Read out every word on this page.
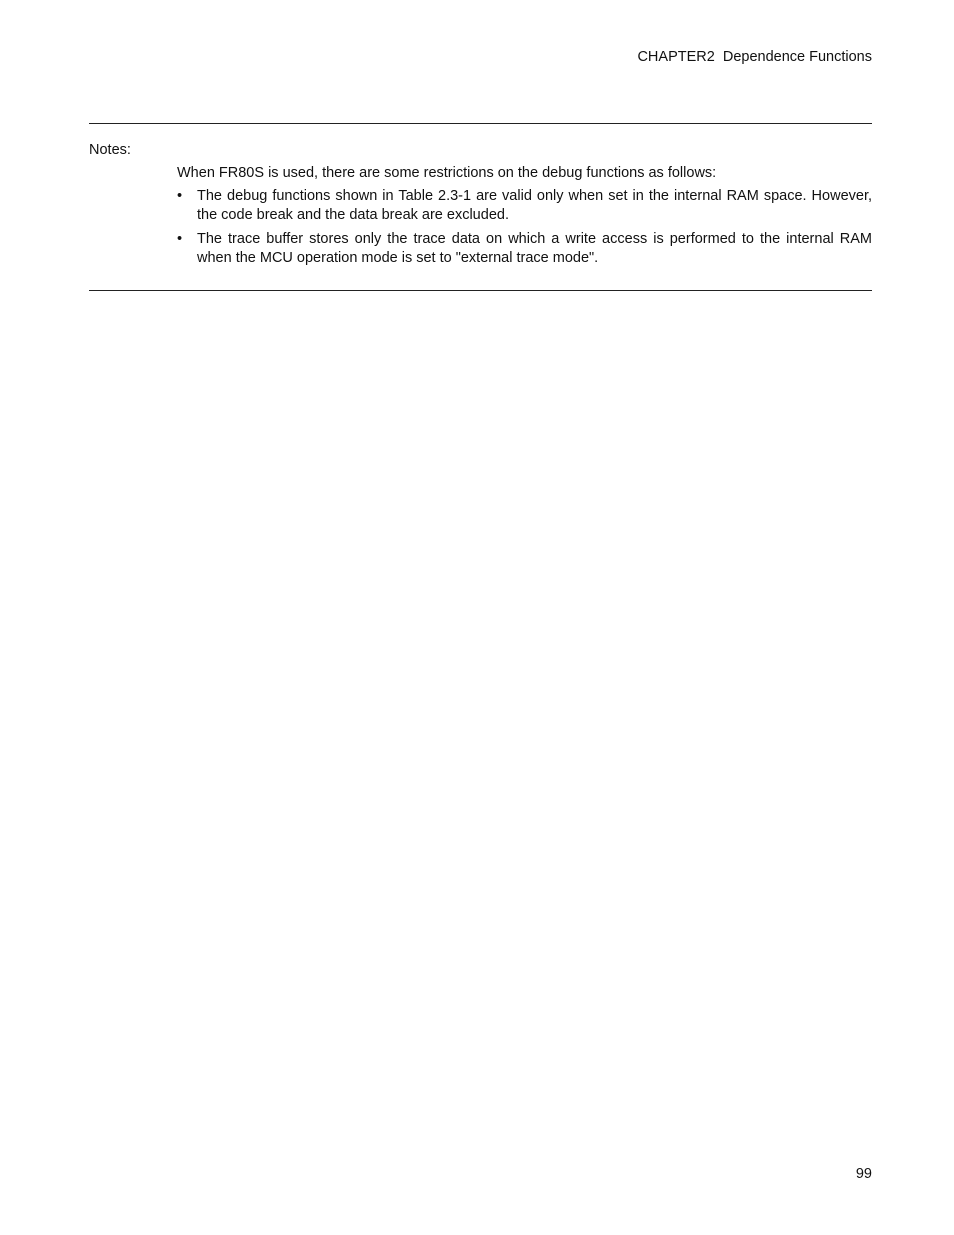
CHAPTER2  Dependence Functions
Notes:

When FR80S is used, there are some restrictions on the debug functions as follows:

• The debug functions shown in Table 2.3-1 are valid only when set in the internal RAM space. However, the code break and the data break are excluded.
• The trace buffer stores only the trace data on which a write access is performed to the internal RAM when the MCU operation mode is set to "external trace mode".
99
